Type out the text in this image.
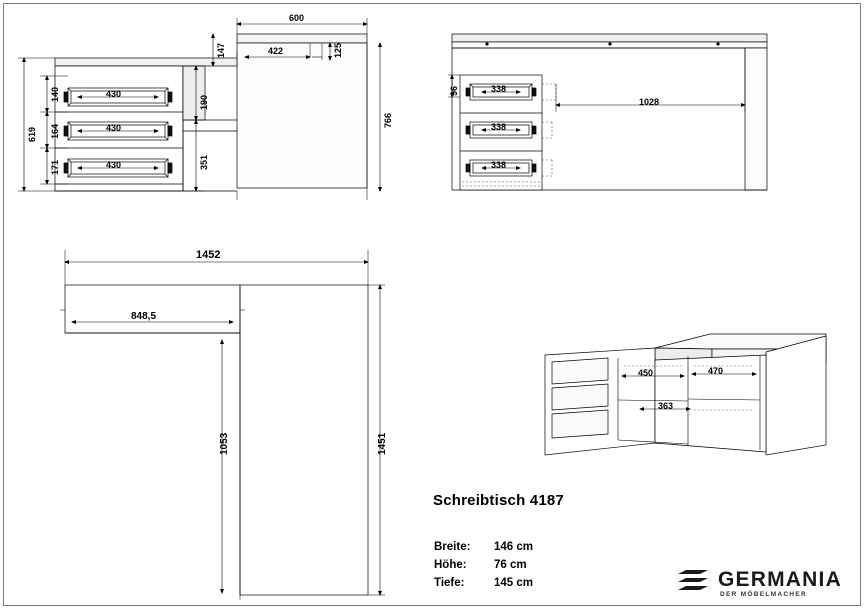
600
422
147	125
190
351
766
619
140
164
171
430
430
430
1028
96	338
338
338
1452
848,5
1053	1451
450	470
363
Schreibtisch 4187
Breite: 146 cm
Höhe: 76 cm
Tiefe:	145 cm	GERMANIA
DER MÖBELMACHER
